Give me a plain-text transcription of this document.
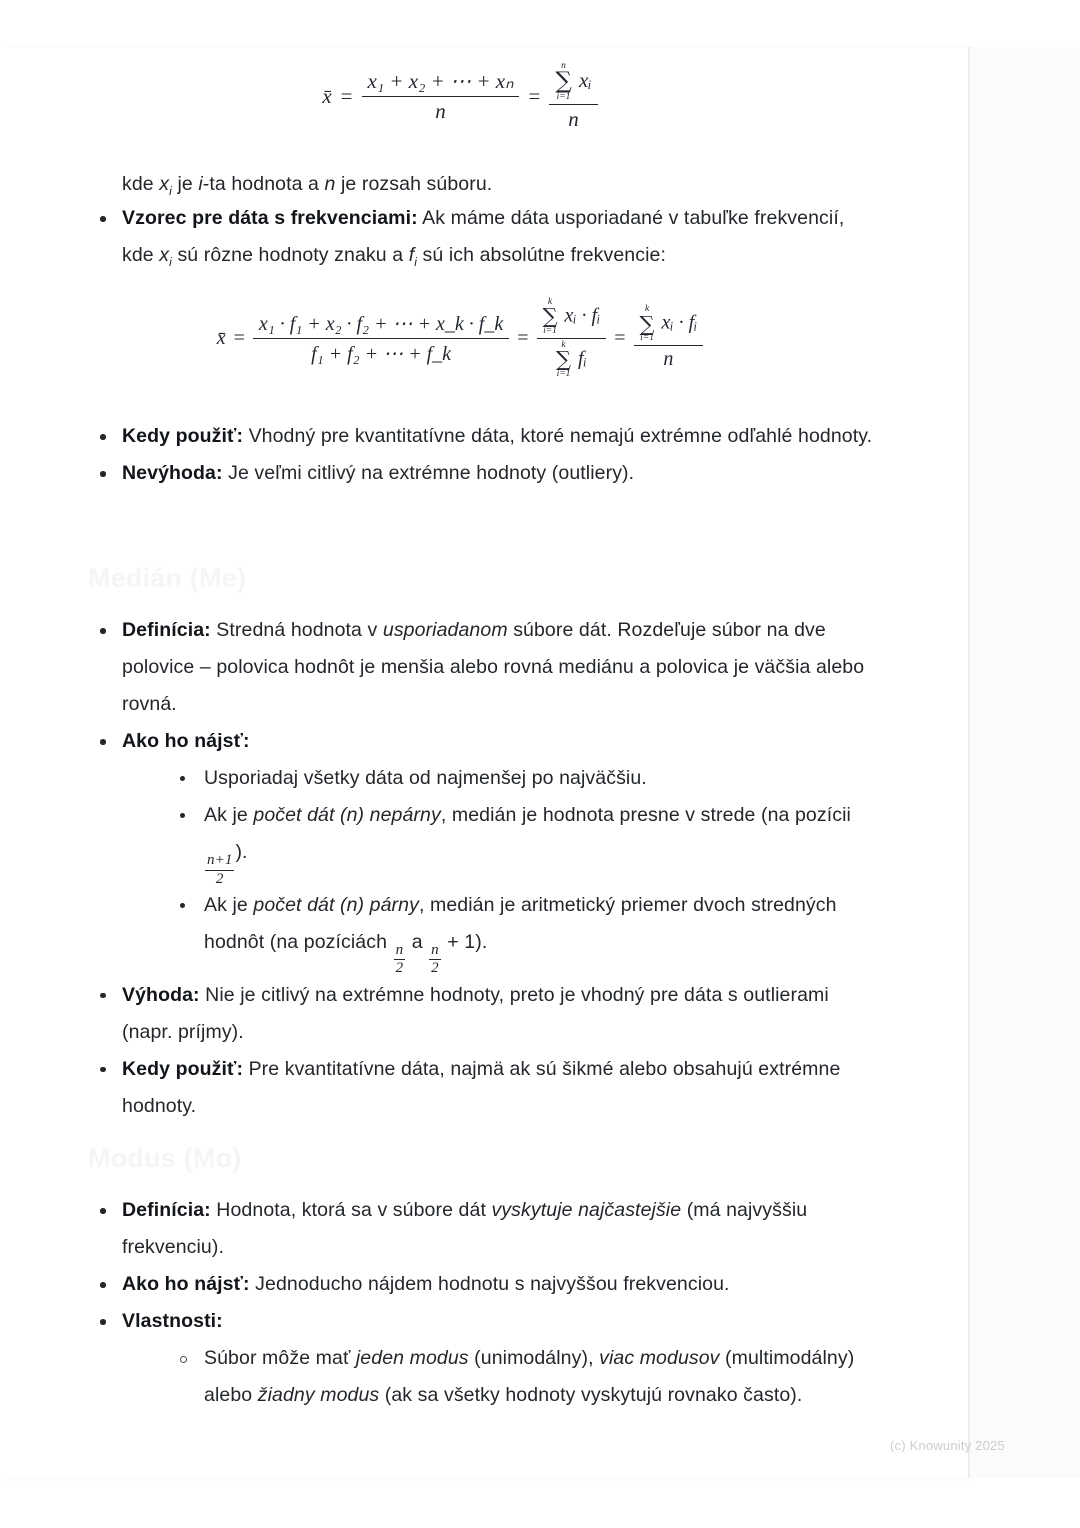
x̄ = $\frac{\text{x₁ + x₂ + ⋯ + xₙ}}{n} = n$
∑
i=1
xᵢ
n
kde $x_i$ je i-ta hodnota a n je rozsah súboru.
Vzorec pre dáta s frekvenciami: Ak máme dáta usporiadané v tabuľke frekvencií, kde $x_i$ sú rôzne hodnoty znaku a $f_i$ sú ich absolútne frekvencie:
x̄ = $\frac{\text{x₁ · f₁ + x₂ · f₂ + ⋯ + x\_k · f\_k}}{\text{f₁ + f₂ + ⋯ + f\_k}} = k$
∑
i=1
xᵢ · fᵢ
k
∑
i=1
fᵢ = k
∑
i=1
xᵢ · fᵢ
n
Kedy použiť: Vhodný pre kvantitatívne dáta, ktoré nemajú extrémne odľahlé hodnoty.
Nevýhoda: Je veľmi citlivý na extrémne hodnoty (outliery).
Medián (Me)
Definícia: Stredná hodnota v usporiadanom súbore dát. Rozdeľuje súbor na dve polovice – polovica hodnôt je menšia alebo rovná mediánu a polovica je väčšia alebo rovná.
Ako ho nájsť:
Usporiadaj všetky dáta od najmenšej po najväčšiu.
Ak je počet dát (n) nepárny, medián je hodnota presne v strede (na pozícii
$\frac{n+1}{2}$
).
Ak je počet dát (n) párny, medián je aritmetický priemer dvoch stredných hodnôt (na pozíciách
$\frac{n}{2}$
a
$\frac{n}{2}$
+ 1).
Výhoda: Nie je citlivý na extrémne hodnoty, preto je vhodný pre dáta s outlierami (napr. príjmy).
Kedy použiť: Pre kvantitatívne dáta, najmä ak sú šikmé alebo obsahujú extrémne hodnoty.
Modus (Mo)
Definícia: Hodnota, ktorá sa v súbore dát vyskytuje najčastejšie (má najvyššiu frekvenciu).
Ako ho nájsť: Jednoducho nájdem hodnotu s najvyššou frekvenciou.
Vlastnosti:
Súbor môže mať jeden modus (unimodálny), viac modusov (multimodálny) alebo žiadny modus (ak sa všetky hodnoty vyskytujú rovnako často).
(c) Knowunity 2025
